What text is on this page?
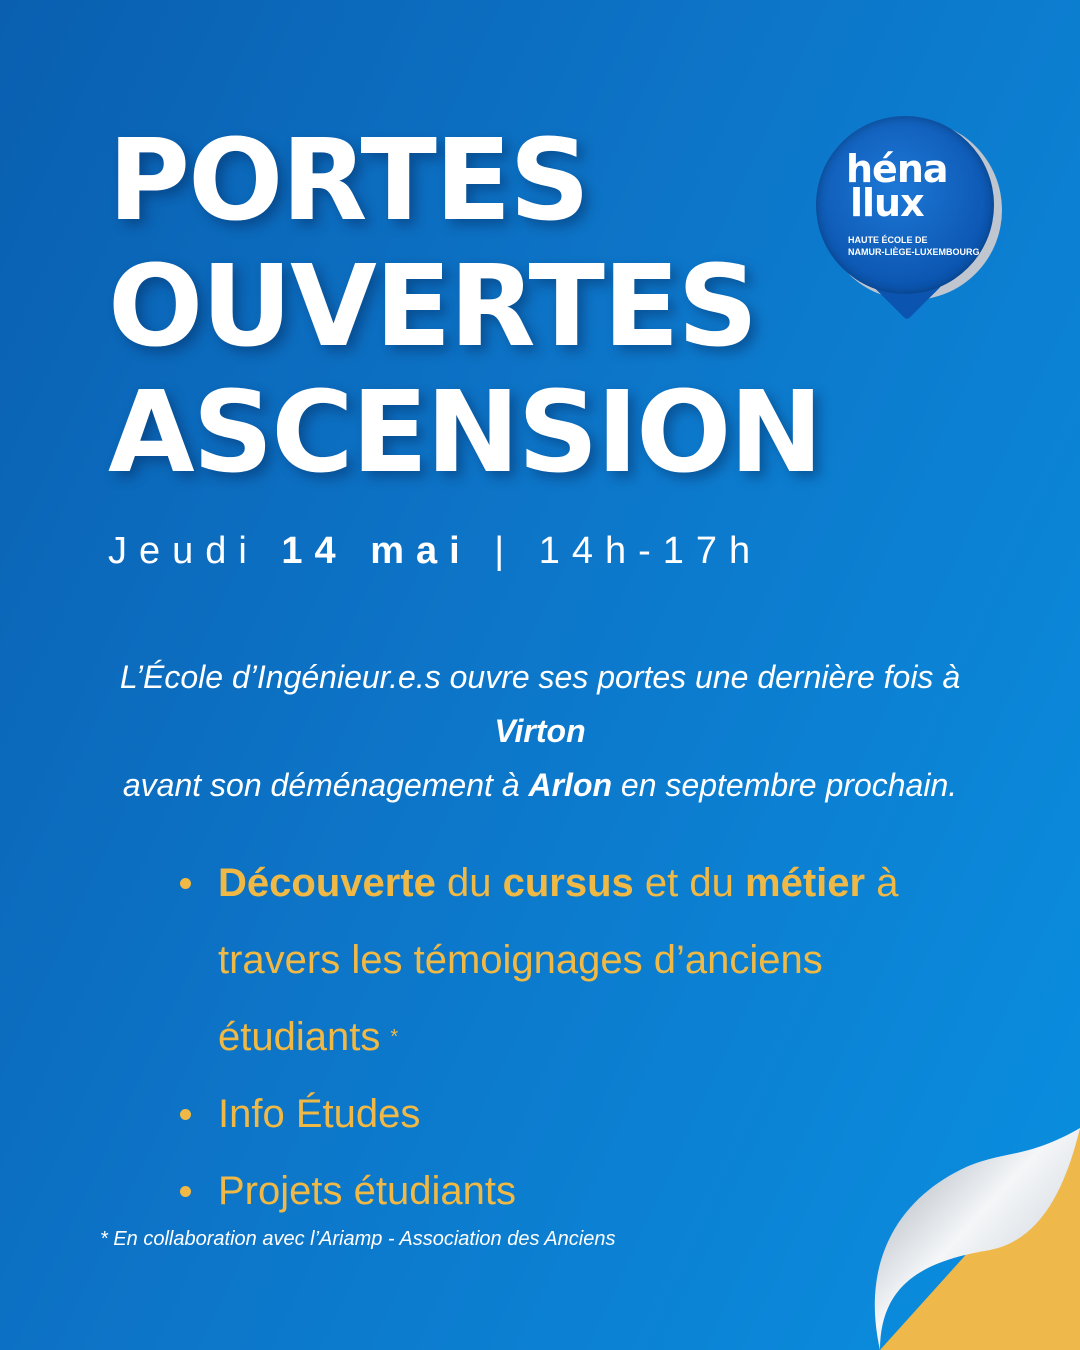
PORTES
OUVERTES
ASCENSION
Jeudi 14 mai | 14h-17h
L’École d’Ingénieur.e.s ouvre ses portes une dernière fois à Virton
avant son déménagement à Arlon en septembre prochain.
Découverte du cursus et du métier à
travers les témoignages d’anciens étudiants *
Info Études
Projets étudiants
* En collaboration avec l’Ariamp - Association des Anciens

héna
llux

HAUTE ÉCOLE DE
NAMUR-LIÈGE-LUXEMBOURG
